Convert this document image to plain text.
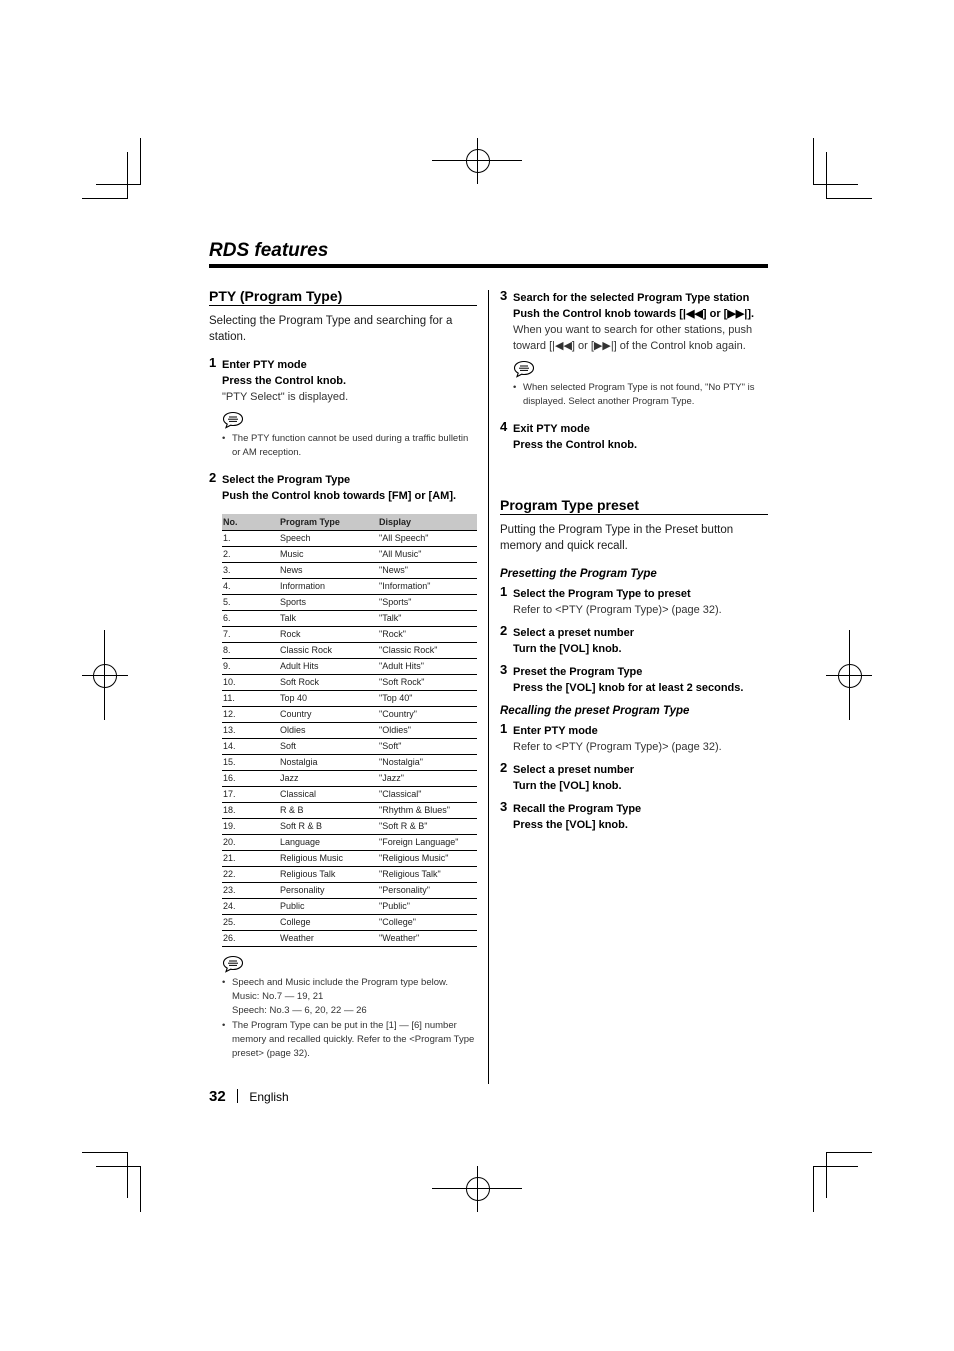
RDS features
PTY (Program Type)

Selecting the Program Type and searching for a station.

1 Enter PTY mode
Press the Control knob.
"PTY Select" is displayed.
• The PTY function cannot be used during a traffic bulletin or AM reception.
2 Select the Program Type
Push the Control knob towards [FM] or [AM].
No.	Program Type	Display
1.	Speech	"All Speech"
2.	Music	"All Music"
3.	News	"News"
4.	Information	"Information"
5.	Sports	"Sports"
6.	Talk	"Talk"
7.	Rock	"Rock"
8.	Classic Rock	"Classic Rock"
9.	Adult Hits	"Adult Hits"
10.	Soft Rock	"Soft Rock"
11.	Top 40	"Top 40"
12.	Country	"Country"
13.	Oldies	"Oldies"
14.	Soft	"Soft"
15.	Nostalgia	"Nostalgia"
16.	Jazz	"Jazz"
17.	Classical	"Classical"
18.	R & B	"Rhythm & Blues"
19.	Soft R & B	"Soft R & B"
20.	Language	"Foreign Language"
21.	Religious Music	"Religious Music"
22.	Religious Talk	"Religious Talk"
23.	Personality	"Personality"
24.	Public	"Public"
25.	College	"College"
26.	Weather	"Weather"
• Speech and Music include the Program type below.
Music: No.7 — 19, 21
Speech: No.3 — 6, 20, 22 — 26
• The Program Type can be put in the [1] — [6] number memory and recalled quickly. Refer to the <Program Type preset> (page 32).
3 Search for the selected Program Type station
Push the Control knob towards [|◀◀] or [▶▶|].
When you want to search for other stations, push toward [|◀◀] or [▶▶|] of the Control knob again.
• When selected Program Type is not found, "No PTY" is displayed. Select another Program Type.
4 Exit PTY mode
Press the Control knob.
Program Type preset

Putting the Program Type in the Preset button memory and quick recall.

Presetting the Program Type
1 Select the Program Type to preset
Refer to <PTY (Program Type)> (page 32).
2 Select a preset number
Turn the [VOL] knob.
3 Preset the Program Type
Press the [VOL] knob for at least 2 seconds.
Recalling the preset Program Type
1 Enter PTY mode
Refer to <PTY (Program Type)> (page 32).
2 Select a preset number
Turn the [VOL] knob.
3 Recall the Program Type
Press the [VOL] knob.
32 English
